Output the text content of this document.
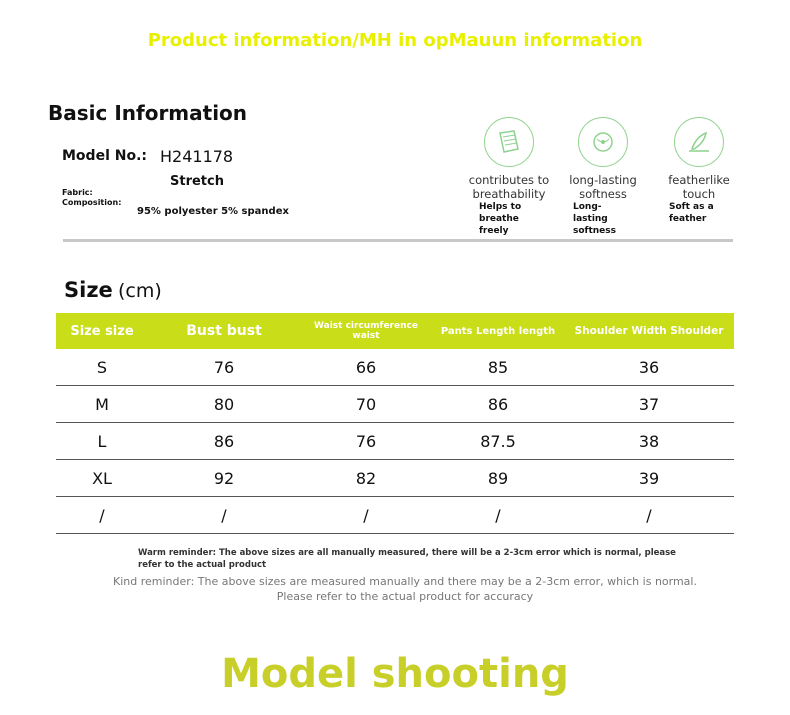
Product information/MH in opMauun information
Basic Information
Model No.: H241178
Stretch
Fabric:
Composition:
95% polyester 5% spandex
contributes to breathability
Helps to breathe freely
long-lasting softness
Long-lasting softness
featherlike touch
Soft as a feather
Size (cm)
Size size	Bust bust	Waist circumference waist	Pants Length length	Shoulder Width Shoulder
S	76	66	85	36
M	80	70	86	37
L	86	76	87.5	38
XL	92	82	89	39
/	/	/	/	/
Warm reminder: The above sizes are all manually measured, there will be a 2-3cm error which is normal, please refer to the actual product
Kind reminder: The above sizes are measured manually and there may be a 2-3cm error, which is normal. Please refer to the actual product for accuracy
Model shooting
